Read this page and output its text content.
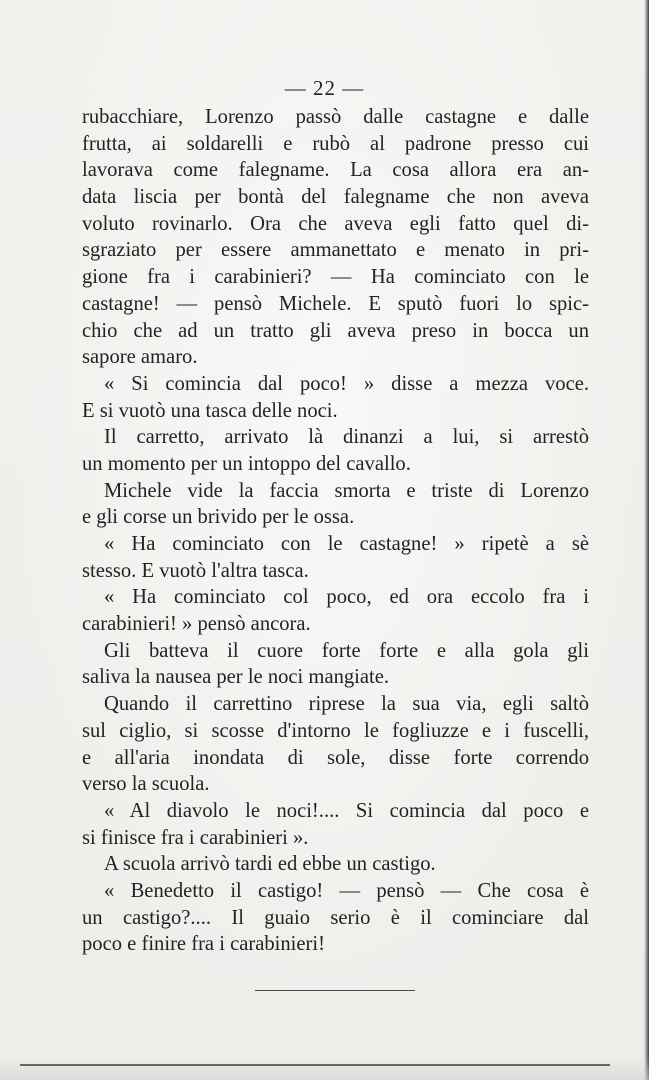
— 22 —
rubacchiare, Lorenzo passò dalle castagne e dalle
frutta, ai soldarelli e rubò al padrone presso cui
lavorava come falegname. La cosa allora era an-
data liscia per bontà del falegname che non aveva
voluto rovinarlo. Ora che aveva egli fatto quel di-
sgraziato per essere ammanettato e menato in pri-
gione fra i carabinieri? — Ha cominciato con le
castagne! — pensò Michele. E sputò fuori lo spic-
chio che ad un tratto gli aveva preso in bocca un
sapore amaro.
« Si comincia dal poco! » disse a mezza voce.
E si vuotò una tasca delle noci.
Il carretto, arrivato là dinanzi a lui, si arrestò
un momento per un intoppo del cavallo.
Michele vide la faccia smorta e triste di Lorenzo
e gli corse un brivido per le ossa.
« Ha cominciato con le castagne! » ripetè a sè
stesso. E vuotò l'altra tasca.
« Ha cominciato col poco, ed ora eccolo fra i
carabinieri! » pensò ancora.
Gli batteva il cuore forte forte e alla gola gli
saliva la nausea per le noci mangiate.
Quando il carrettino riprese la sua via, egli saltò
sul ciglio, si scosse d'intorno le fogliuzze e i fuscelli,
e all'aria inondata di sole, disse forte correndo
verso la scuola.
« Al diavolo le noci!.... Si comincia dal poco e
si finisce fra i carabinieri ».
A scuola arrivò tardi ed ebbe un castigo.
« Benedetto il castigo! — pensò — Che cosa è
un castigo?.... Il guaio serio è il cominciare dal
poco e finire fra i carabinieri!
